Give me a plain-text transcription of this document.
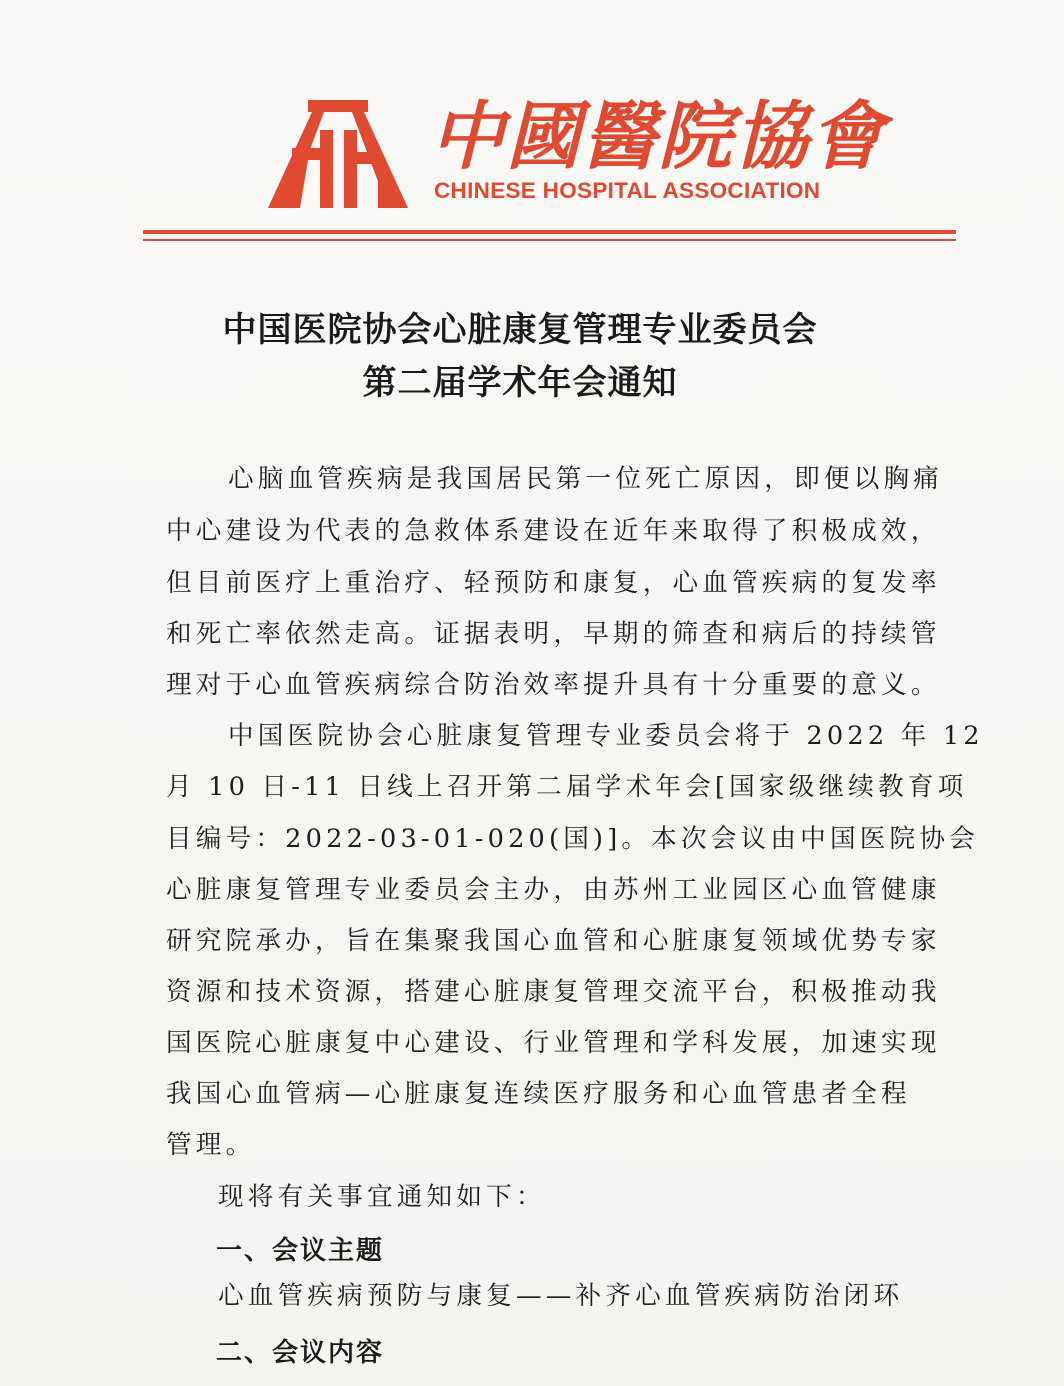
中國醫院協會
CHINESE HOSPITAL ASSOCIATION
中国医院协会心脏康复管理专业委员会
第二届学术年会通知
心脑血管疾病是我国居民第一位死亡原因，即便以胸痛
中心建设为代表的急救体系建设在近年来取得了积极成效，
但目前医疗上重治疗、轻预防和康复，心血管疾病的复发率
和死亡率依然走高。证据表明，早期的筛查和病后的持续管
理对于心血管疾病综合防治效率提升具有十分重要的意义。
中国医院协会心脏康复管理专业委员会将于 2022 年 12
月 10 日-11 日线上召开第二届学术年会[国家级继续教育项
目编号：2022-03-01-020(国)]。本次会议由中国医院协会
心脏康复管理专业委员会主办，由苏州工业园区心血管健康
研究院承办，旨在集聚我国心血管和心脏康复领域优势专家
资源和技术资源，搭建心脏康复管理交流平台，积极推动我
国医院心脏康复中心建设、行业管理和学科发展，加速实现
我国心血管病—心脏康复连续医疗服务和心血管患者全程
管理。
现将有关事宜通知如下：
一、会议主题
心血管疾病预防与康复——补齐心血管疾病防治闭环
二、会议内容
